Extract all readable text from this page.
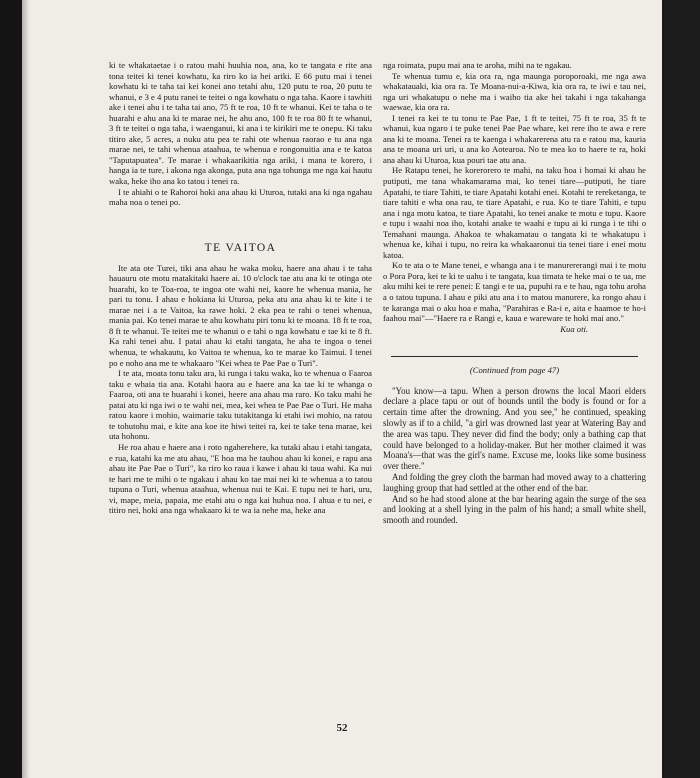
ki te whakataetae i o ratou mahi huuhia noa, ana, ko te tangata e rite ana tona teitei ki tenei kowhatu, ka riro ko ia hei ariki. E 66 putu mai i tenei kowhatu ki te taha tai kei konei ano tetahi ahu, 120 putu te roa, 20 putu te whanui, e 3 e 4 putu ranei te teitei o nga kowhatu o nga taha. Kaore i tawhiti ake i tenei ahu i te taha tai ano, 75 ft te roa, 10 ft te whanui. Kei te taha o te huarahi e ahu ana ki te marae nei, he ahu ano, 100 ft te roa 80 ft te whanui, 3 ft te teitei o nga taha, i waenganui, ki ana i te kirikiri me te onepu. Ki taku titiro ake, 5 acres, a nuku atu pea te rahi ote whenua raorao e tu ana nga marae nei, te tahi whenua ataahua, te whenua e rongonuitia ana e te katoa "Taputapuatea". Te marae i whakaarikitia nga ariki, i mana te korero, i hanga ia te ture, i akona nga akonga, puta ana nga tohunga me nga kai hautu waka, heke iho ana ko tatou i tenei ra.

I te ahiahi o te Rahoroi hoki ana ahau ki Uturoa, tutaki ana ki nga ngahau maha noa o tenei po.

TE VAITOA

Ite ata ote Turei, tiki ana ahau he waka moku, haere ana ahau i te taha hauauru ote motu matakitaki haere ai. 10 o'clock tae atu ana ki te otinga ote huarahi, ko te Toa-roa, te ingoa ote wahi nei, kaore he whenua mania, he pari tu tonu. I ahau e hokiana ki Uturoa, peka atu ana ahau ki te kite i te marae nei i a te Vaitoa, ka rawe hoki. 2 eka pea te rahi o tenei whenua, mania pai. Ko tenei marae te ahu kowhatu piri tonu ki te moana. 18 ft te roa, 8 ft te whanui. Te teitei me te whanui o e tahi o nga kowhatu e tae ki te 8 ft. Ka rahi tenei ahu. I patai ahau ki etahi tangata, he aha te ingoa o tenei whenua, te whakautu, ko Vaitoa te whenua, ko te marae ko Taimui. I tenei po e noho ana me te whakaaro "Kei whea te Pae Pae o Turi".

I te ata, moata tonu taku ara, ki runga i taku waka, ko te whenua o Faaroa taku e whaia tia ana. Kotahi haora au e haere ana ka tae ki te whanga o Faaroa, oti ana te huarahi i konei, heere ana ahau ma raro. Ko taku mahi he patai atu ki nga iwi o te wahi nei, mea, kei whea te Pae Pae o Turi. He maha ratou kaore i mohio, waimarie taku tutakitanga ki etahi iwi mohio, na ratou te tohutohu mai, e kite ana koe ite hiwi teitei ra, kei te take tena marae, kei uta hohonu.

He roa ahau e haere ana i roto ngaherehere, ka tutaki ahau i etahi tangata, e rua, katahi ka me atu ahau, "E hoa ma he tauhou ahau ki konei, e rapu ana ahau ite Pae Pae o Turi", ka riro ko raua i kawe i ahau ki taua wahi. Ka nui te hari me te mihi o te ngakau i ahau ko tae mai nei ki te whenua a to tatou tupuna o Turi, whenua ataahua, whenua nui te Kai. E tupu nei te hari, uru, vi, mape, meia, papaia, me etahi atu o nga kai huhua noa. I ahua e tu nei, e titiro nei, hoki ana nga whakaaro ki te wa ia nehe ma, heke ana

nga roimata, pupu mai ana te aroha, mihi na te ngakau.

Te whenua tumu e, kia ora ra, nga maunga poroporoaki, me nga awa whakatauaki, kia ora ra. Te Moana-nui-a-Kiwa, kia ora ra, te iwi e tau nei, nga uri whakatupu o nehe ma i waiho tia ake hei takahi i nga takahanga waewae, kia ora ra.

I tenei ra kei te tu tonu te Pae Pae, 1 ft te teitei, 75 ft te roa, 35 ft te whanui, kua ngaro i te puke tenei Pae Pae whare, kei rere iho te awa e rere ana ki te moana. Tenei ra te kaenga i whakarerena atu ra e ratou ma, kauria ana te moana uri uri, u ana ko Aotearoa. No te mea ko to haere te ra, hoki ana ahau ki Uturoa, kua pouri tae atu ana.

He Ratapu tenei, he korerorero te mahi, na taku hoa i homai ki ahau he putiputi, me tana whakamarama mai, ko tenei tiare—putiputi, he tiare Apatahi, te tiare Tahiti, te tiare Apatahi kotahi enei. Kotahi te rereketanga, te tiare tahiti e wha ona rau, te tiare Apatahi, e rua. Ko te tiare Tahiti, e tupu ana i nga motu katoa, te tiare Apatahi, ko tenei anake te motu e tupu. Kaore e tupu i waahi noa iho, kotahi anake te waahi e tupu ai ki runga i te tihi o Temahani maunga. Ahakoa te whakamatau o tangata ki te whakatupu i whenua ke, kihai i tupu, no reira ka whakaaronui tia tenei tiare i enei motu katoa.

Ko te ata o te Mane tenei, e whanga ana i te manurererangi mai i te motu o Pora Pora, kei te ki te uahu i te tangata, kua timata te heke mai o te ua, me aku mihi kei te rere penei: E tangi e te ua, pupuhi ra e te hau, nga tohu aroha a o tatou tupuna. I ahau e piki atu ana i to matou manurere, ka rongo ahau i te karanga mai o aku hoa e maha, "Parahiras e Ra-i e, aita e haamoe te ho-i faahou mai"—"Haere ra e Rangi e, kaua e wareware te hoki mai ano."

Kua oti.
(Continued from page 47)

"You know—a tapu. When a person drowns the local Maori elders declare a place tapu or out of bounds until the body is found or for a certain time after the drowning. And you see," he continued, speaking slowly as if to a child, "a girl was drowned last year at Watering Bay and the area was tapu. They never did find the body; only a bathing cap that could have belonged to a holiday-maker. But her mother claimed it was Moana's—that was the girl's name. Excuse me, looks like some business over there."

And folding the grey cloth the barman had moved away to a chattering laughing group that had settled at the other end of the bar.

And so he had stood alone at the bar hearing again the surge of the sea and looking at a shell lying in the palm of his hand; a small white shell, smooth and rounded.

52
